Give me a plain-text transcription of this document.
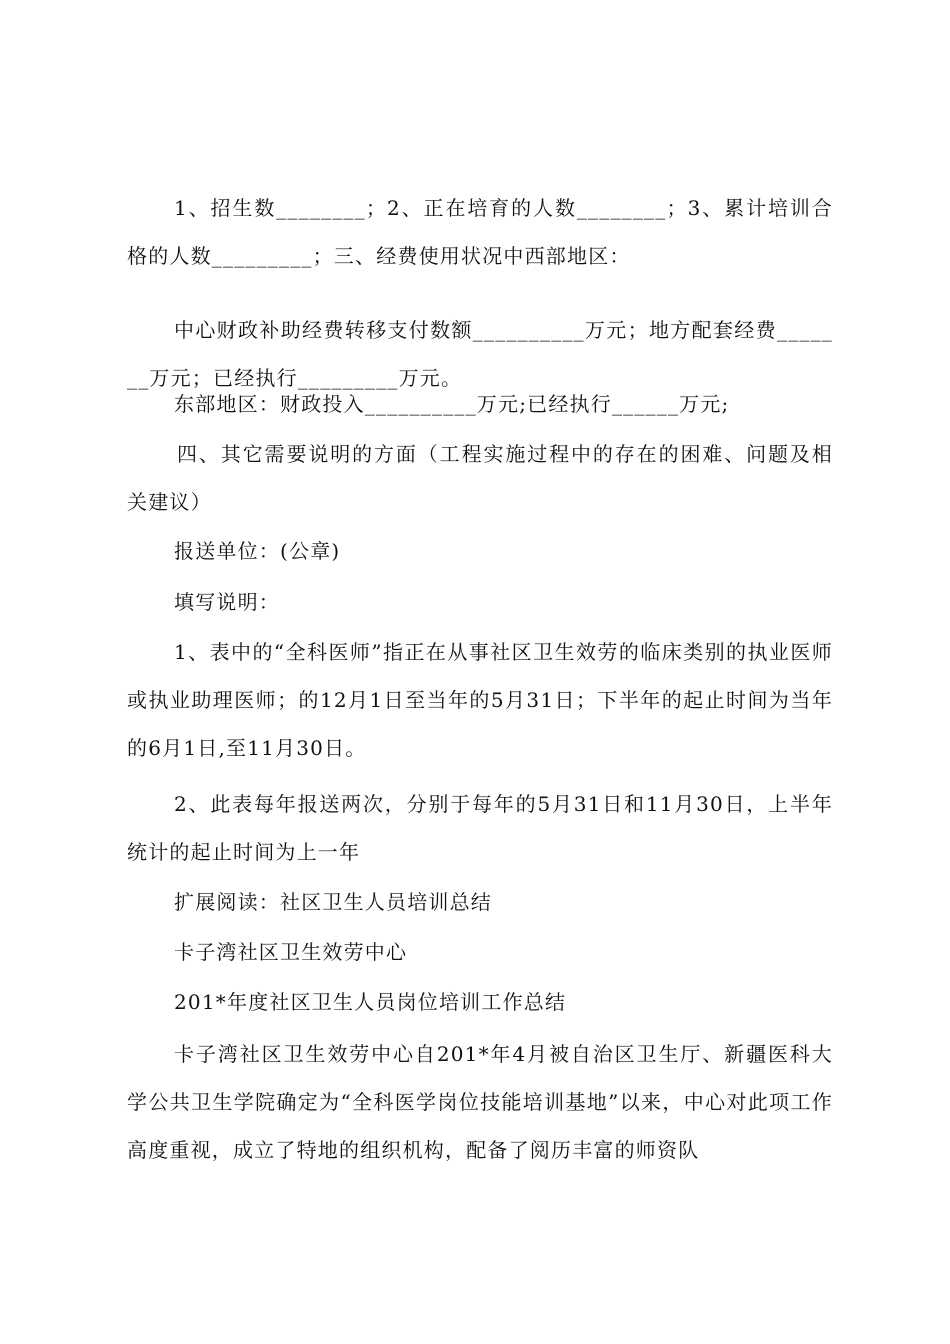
1、招生数________；2、正在培育的人数________；3、累计培训合格的人数_________；三、经费使用状况中西部地区：

中心财政补助经费转移支付数额__________万元；地方配套经费_______万元；已经执行_________万元。

东部地区：财政投入__________万元;已经执行______万元;

四、其它需要说明的方面（工程实施过程中的存在的困难、问题及相关建议）

报送单位：(公章)

填写说明：

1、表中的“全科医师”指正在从事社区卫生效劳的临床类别的执业医师或执业助理医师；的12月1日至当年的5月31日；下半年的起止时间为当年的6月1日,至11月30日。

2、此表每年报送两次，分别于每年的5月31日和11月30日，上半年统计的起止时间为上一年

扩展阅读：社区卫生人员培训总结

卡子湾社区卫生效劳中心

201*年度社区卫生人员岗位培训工作总结

卡子湾社区卫生效劳中心自201*年4月被自治区卫生厅、新疆医科大学公共卫生学院确定为“全科医学岗位技能培训基地”以来，中心对此项工作高度重视，成立了特地的组织机构，配备了阅历丰富的师资队
